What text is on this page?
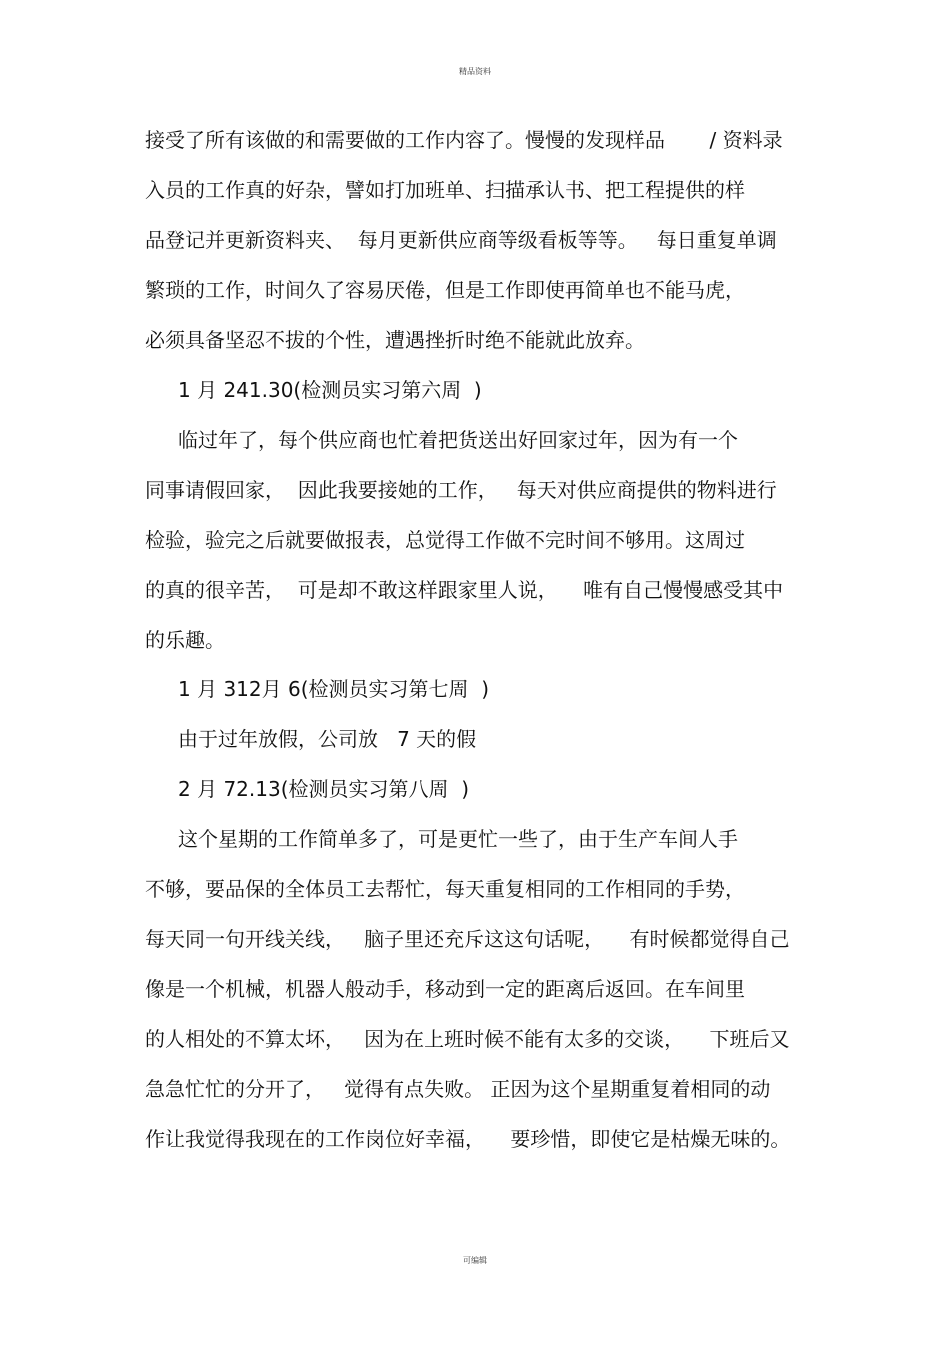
精品资料
接受了所有该做的和需要做的工作内容了。慢慢的发现样品       / 资料录
入员的工作真的好杂，譬如打加班单、扫描承认书、把工程提供的样
品登记并更新资料夹、  每月更新供应商等级看板等等。   每日重复单调
繁琐的工作，时间久了容易厌倦，但是工作即使再简单也不能马虎，
必须具备坚忍不拔的个性，遭遇挫折时绝不能就此放弃。
1 月 241.30(检测员实习第六周  )
临过年了，每个供应商也忙着把货送出好回家过年，因为有一个
同事请假回家，  因此我要接她的工作，   每天对供应商提供的物料进行
检验，验完之后就要做报表，总觉得工作做不完时间不够用。这周过
的真的很辛苦，  可是却不敢这样跟家里人说，    唯有自己慢慢感受其中
的乐趣。
1 月 312月 6(检测员实习第七周  )
由于过年放假，公司放   7 天的假
2 月 72.13(检测员实习第八周  )
这个星期的工作简单多了，可是更忙一些了，由于生产车间人手
不够，要品保的全体员工去帮忙，每天重复相同的工作相同的手势，
每天同一句开线关线，   脑子里还充斥这这句话呢，    有时候都觉得自己
像是一个机械，机器人般动手，移动到一定的距离后返回。在车间里
的人相处的不算太坏，   因为在上班时候不能有太多的交谈，    下班后又
急急忙忙的分开了，   觉得有点失败。 正因为这个星期重复着相同的动
作让我觉得我现在的工作岗位好幸福，    要珍惜，即使它是枯燥无味的。
可编辑
